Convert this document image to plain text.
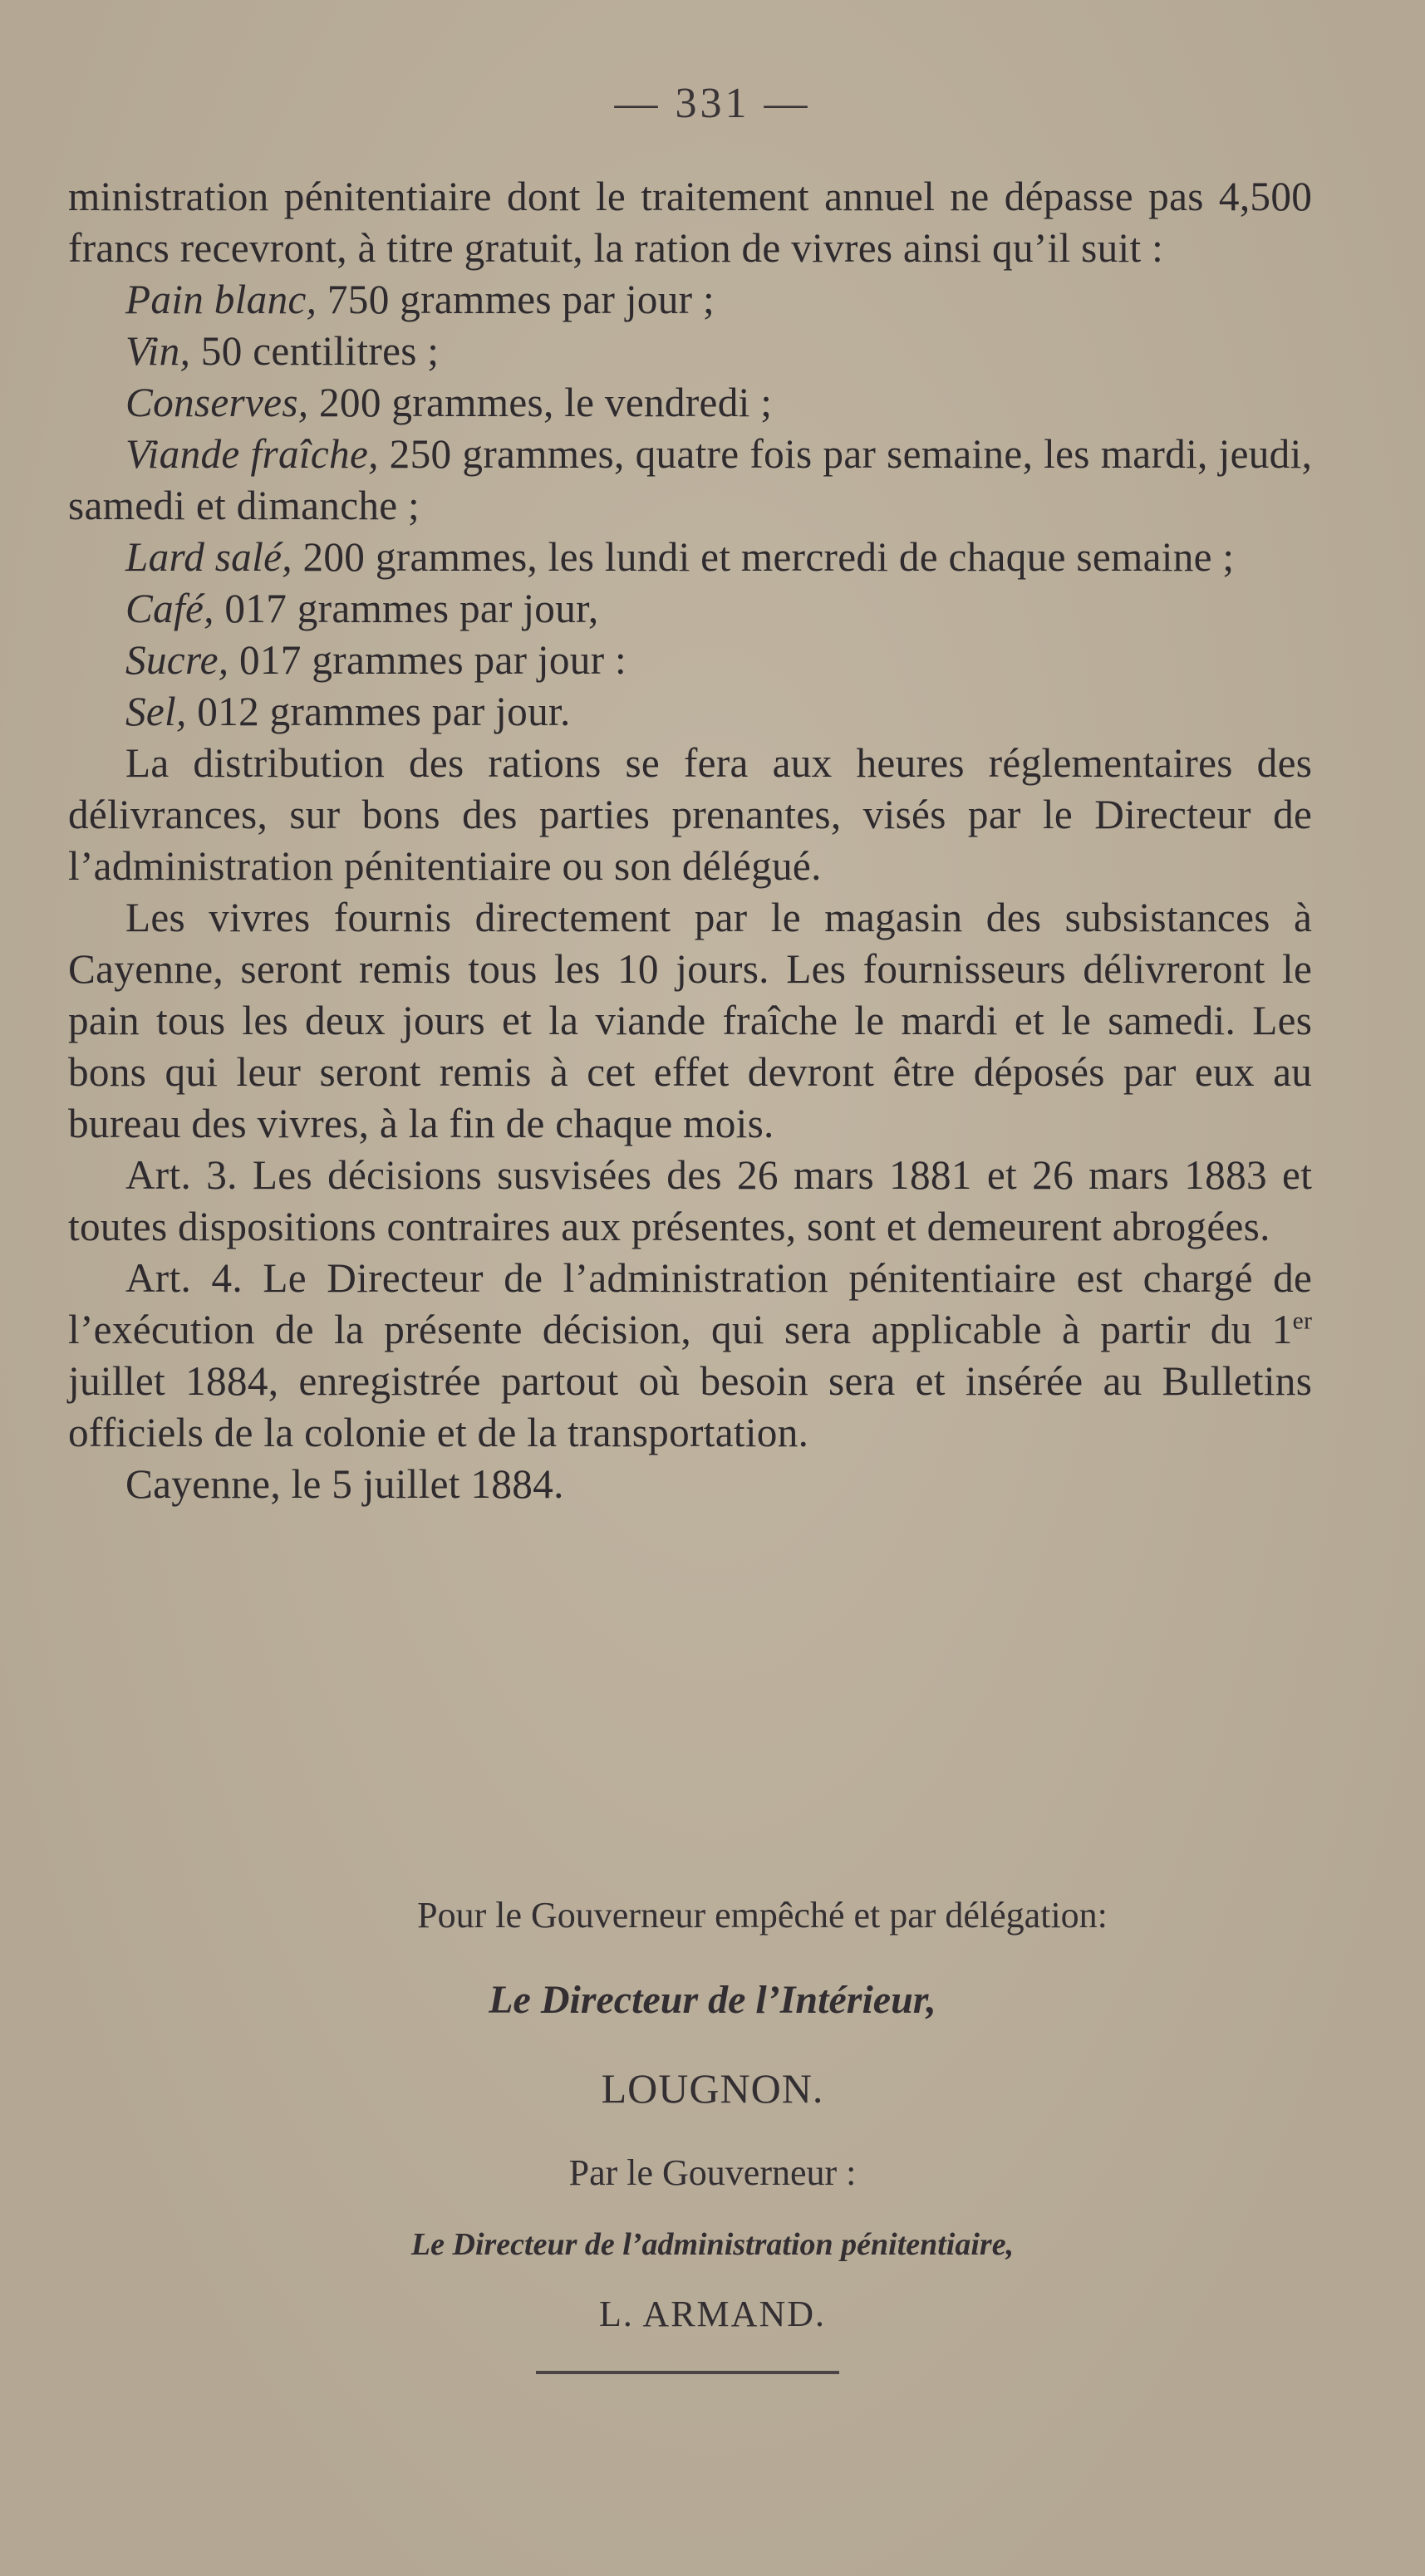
— 331 —

ministration pénitentiaire dont le traitement annuel ne dépasse pas 4,500 francs recevront, à titre gratuit, la ration de vivres ainsi qu’il suit :

Pain blanc, 750 grammes par jour ;

Vin, 50 centilitres ;

Conserves, 200 grammes, le vendredi ;

Viande fraîche, 250 grammes, quatre fois par semaine, les mardi, jeudi, samedi et dimanche ;

Lard salé, 200 grammes, les lundi et mercredi de chaque semaine ;

Café, 017 grammes par jour,

Sucre, 017 grammes par jour :

Sel, 012 grammes par jour.

La distribution des rations se fera aux heures réglementaires des délivrances, sur bons des parties prenantes, visés par le Directeur de l’administration pénitentiaire ou son délégué.

Les vivres fournis directement par le magasin des subsistances à Cayenne, seront remis tous les 10 jours. Les fournisseurs délivreront le pain tous les deux jours et la viande fraîche le mardi et le samedi. Les bons qui leur seront remis à cet effet devront être déposés par eux au bureau des vivres, à la fin de chaque mois.

Art. 3. Les décisions susvisées des 26 mars 1881 et 26 mars 1883 et toutes dispositions contraires aux présentes, sont et demeurent abrogées.

Art. 4. Le Directeur de l’administration pénitentiaire est chargé de l’exécution de la présente décision, qui sera applicable à partir du 1er juillet 1884, enregistrée partout où besoin sera et insérée au Bulletins officiels de la colonie et de la transportation.

Cayenne, le 5 juillet 1884.

Pour le Gouverneur empêché et par délégation:
Le Directeur de l’Intérieur,
LOUGNON.
Par le Gouverneur :
Le Directeur de l’administration pénitentiaire,
L. ARMAND.
